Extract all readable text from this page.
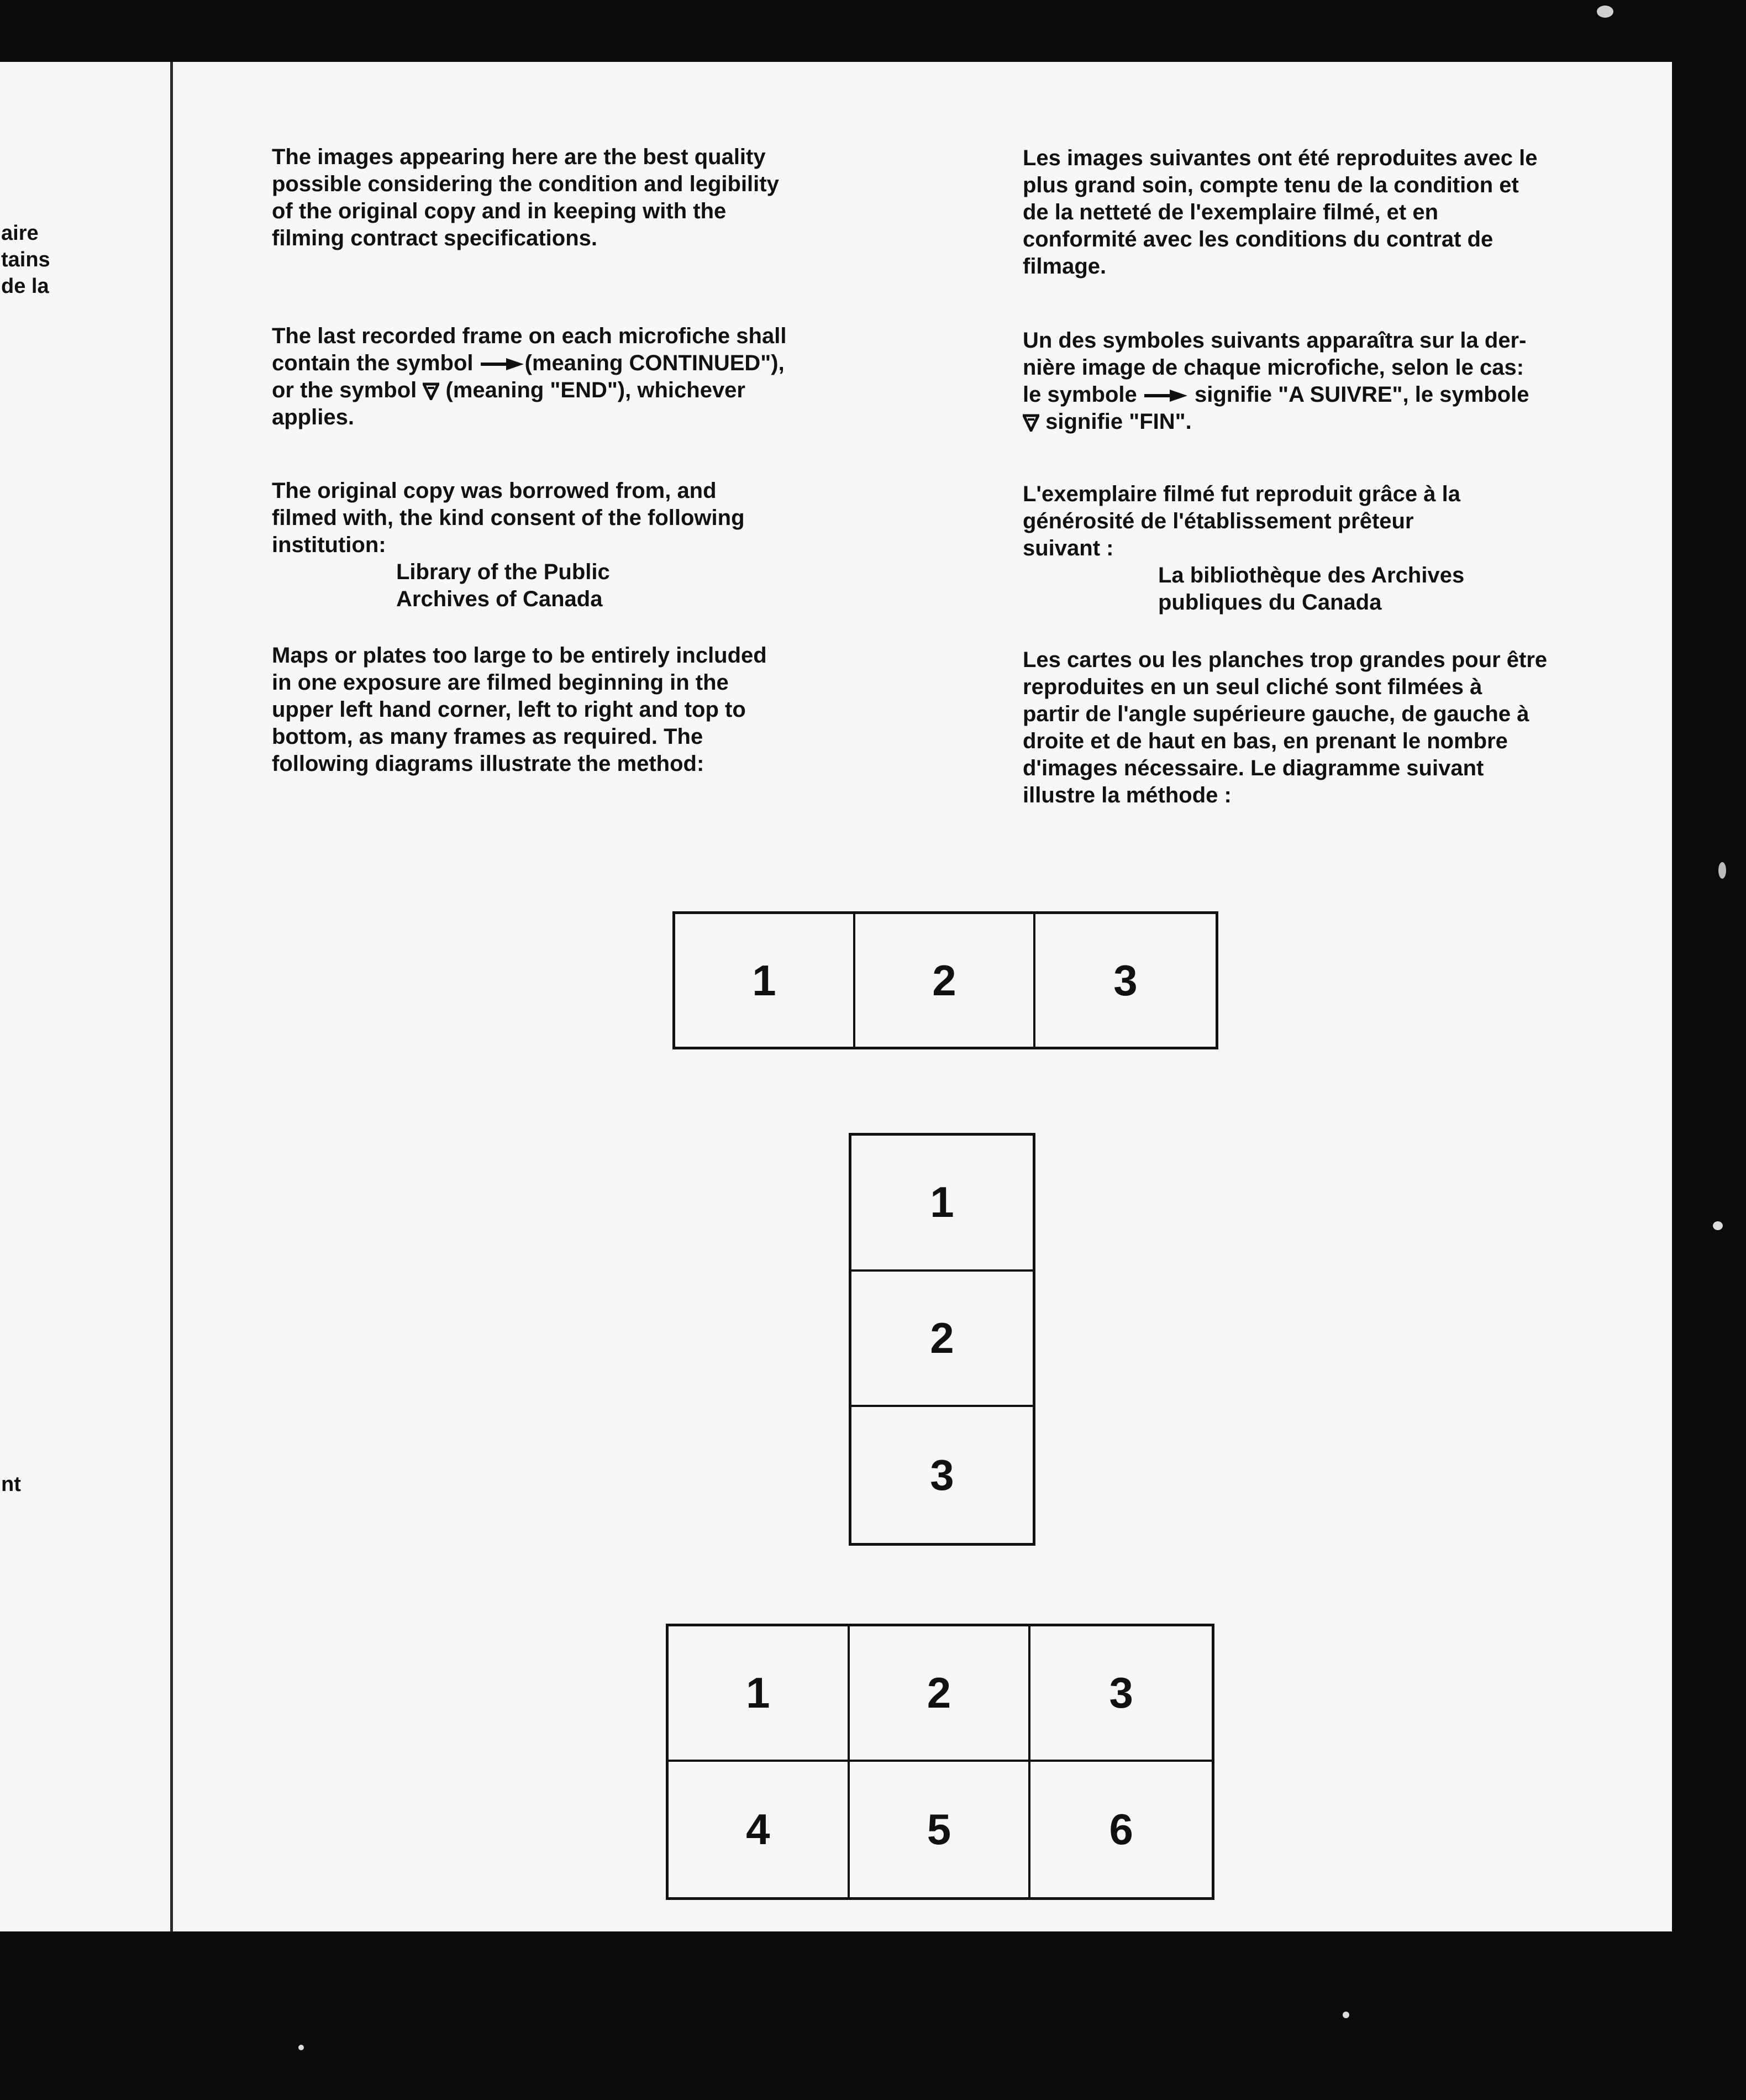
aire
tains
de la
nt
The images appearing here are the best quality
possible considering the condition and legibility
of the original copy and in keeping with the
filming contract specifications.
The last recorded frame on each microfiche shall
contain the symbol (meaning CONTINUED"),
or the symbol (meaning "END"), whichever
applies.
The original copy was borrowed from, and
filmed with, the kind consent of the following
institution:
Library of the Public
Archives of Canada
Maps or plates too large to be entirely included
in one exposure are filmed beginning in the
upper left hand corner, left to right and top to
bottom, as many frames as required. The
following diagrams illustrate the method:
Les images suivantes ont été reproduites avec le
plus grand soin, compte tenu de la condition et
de la netteté de l'exemplaire filmé, et en
conformité avec les conditions du contrat de
filmage.
Un des symboles suivants apparaîtra sur la der-
nière image de chaque microfiche, selon le cas:
le symbole	signifie "A SUIVRE", le symbole
signifie "FIN".
L'exemplaire filmé fut reproduit grâce à la
générosité de l'établissement prêteur
suivant :
La bibliothèque des Archives
publiques du Canada
Les cartes ou les planches trop grandes pour être
reproduites en un seul cliché sont filmées à
partir de l'angle supérieure gauche, de gauche à
droite et de haut en bas, en prenant le nombre
d'images nécessaire. Le diagramme suivant
illustre la méthode :
1	2	3
1
2
3
1	2	3
4	5	6
